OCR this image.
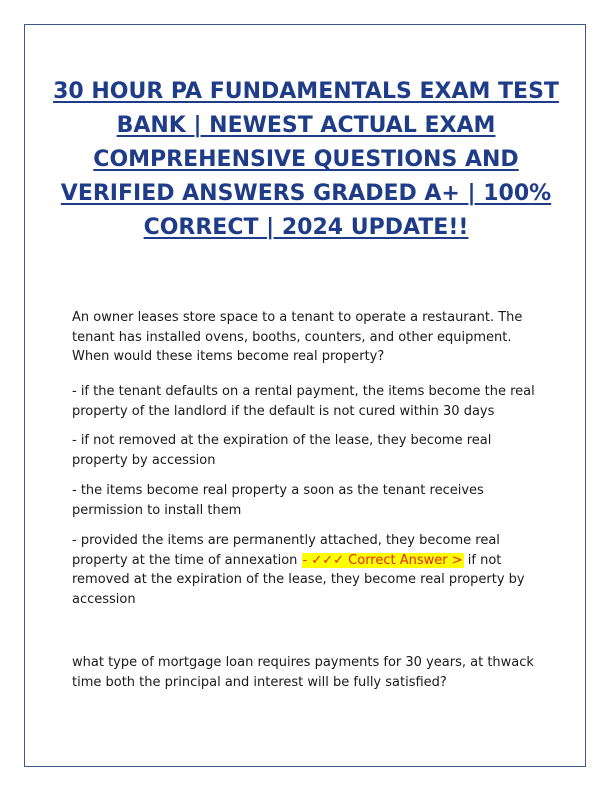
30 HOUR PA FUNDAMENTALS EXAM TEST BANK | NEWEST ACTUAL EXAM COMPREHENSIVE QUESTIONS AND VERIFIED ANSWERS GRADED A+ | 100% CORRECT | 2024 UPDATE!!

An owner leases store space to a tenant to operate a restaurant. The tenant has installed ovens, booths, counters, and other equipment. When would these items become real property?

- if the tenant defaults on a rental payment, the items become the real property of the landlord if the default is not cured within 30 days

- if not removed at the expiration of the lease, they become real property by accession

- the items become real property a soon as the tenant receives permission to install them

- provided the items are permanently attached, they become real property at the time of annexation - ✓✓✓ Correct Answer > if not removed at the expiration of the lease, they become real property by accession

what type of mortgage loan requires payments for 30 years, at thwack time both the principal and interest will be fully satisfied?
